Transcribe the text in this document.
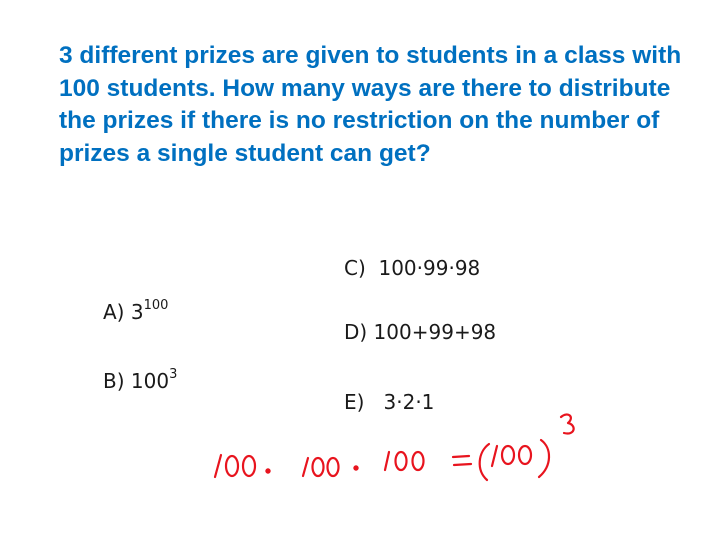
3 different prizes are given to students in a class with 100 students. How many ways are there to distribute the prizes if there is no restriction on the number of prizes a single student can get?

A) $3^{100}$
B) $100^3$
C)  100·99·98
D) 100+99+98
E)   3·2·1
